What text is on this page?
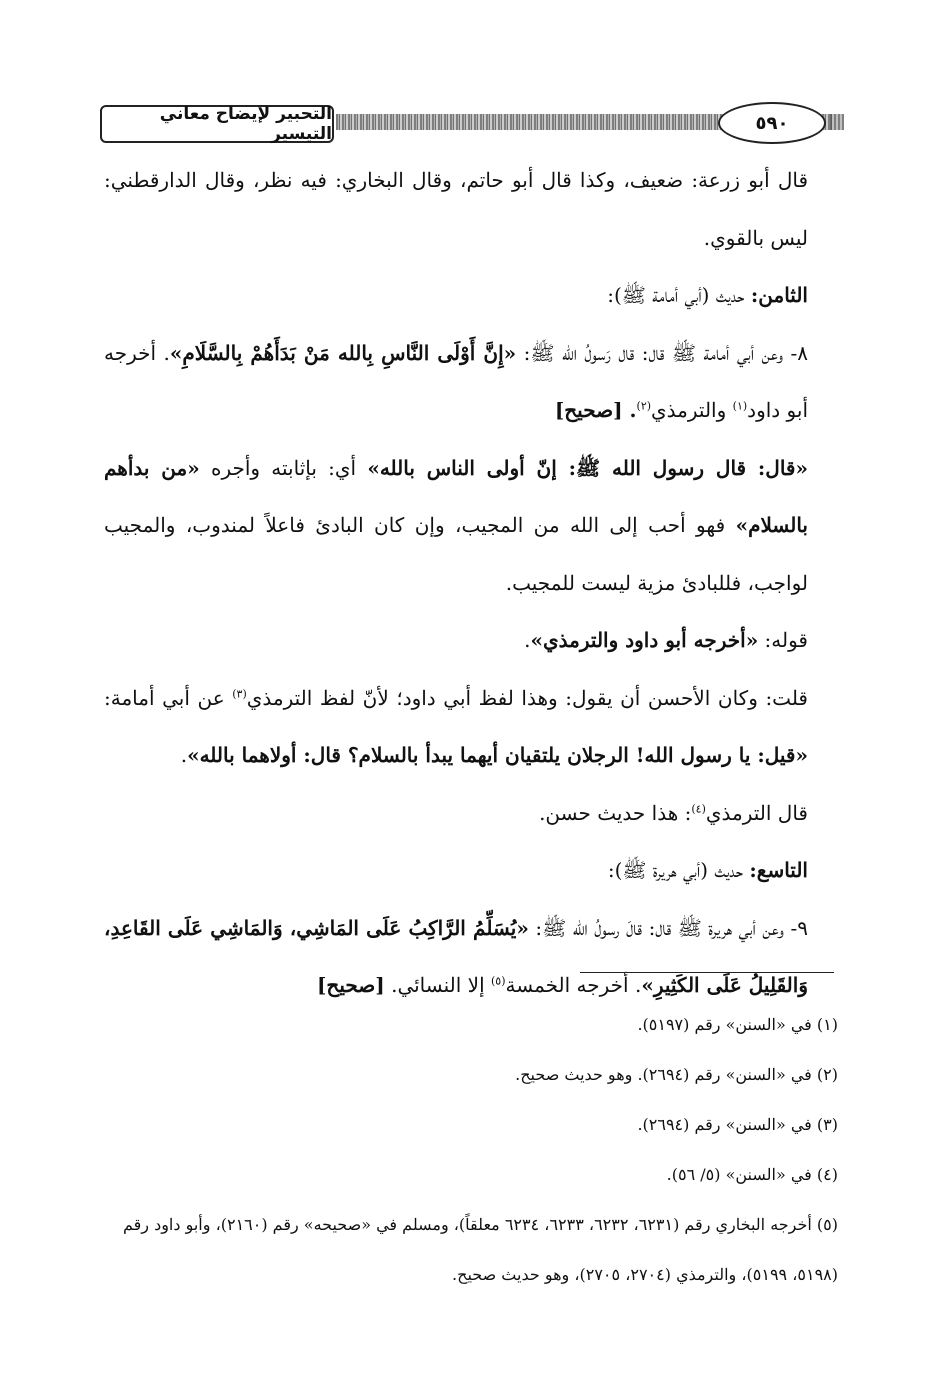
التحبير لإيضاح معاني التيسير
٥٩٠

قال أبو زرعة: ضعيف، وكذا قال أبو حاتم، وقال البخاري: فيه نظر، وقال الدارقطني: ليس بالقوي.

الثامن: حديث (أبي أمامة ﷺ):

٨- وعن أبي أمامة ﷺ قال: قال رَسولُ الله ﷺ: «إِنَّ أَوْلَى النَّاسِ بِالله مَنْ بَدَأَهُمْ بِالسَّلَامِ». أخرجه أبو داود$^{(١)}$ والترمذي$^{(٢)}$. [صحيح]

«قال: قال رسول الله ﷺ: إنّ أولى الناس بالله» أي: بإثابته وأجره «من بدأهم بالسلام» فهو أحب إلى الله من المجيب، وإن كان البادئ فاعلاً لمندوب، والمجيب لواجب، فللبادئ مزية ليست للمجيب.

قوله: «أخرجه أبو داود والترمذي».

قلت: وكان الأحسن أن يقول: وهذا لفظ أبي داود؛ لأنّ لفظ الترمذي$^{(٣)}$ عن أبي أمامة: «قيل: يا رسول الله! الرجلان يلتقيان أيهما يبدأ بالسلام؟ قال: أولاهما بالله».

قال الترمذي$^{(٤)}$: هذا حديث حسن.

التاسع: حديث (أبي هريرة ﷺ):

٩- وعن أبي هريرة ﷺ قال: قالَ رسولُ الله ﷺ: «يُسَلِّمُ الرَّاكِبُ عَلَى المَاشِي، وَالمَاشِي عَلَى القَاعِدِ، وَالقَلِيلُ عَلَى الكَثِيرِ». أخرجه الخمسة$^{(٥)}$ إلا النسائي. [صحيح]

(١) في «السنن» رقم (٥١٩٧).

(٢) في «السنن» رقم (٢٦٩٤). وهو حديث صحيح.

(٣) في «السنن» رقم (٢٦٩٤).

(٤) في «السنن» (٥/ ٥٦).

(٥) أخرجه البخاري رقم (٦٢٣١، ٦٢٣٢، ٦٢٣٣، ٦٢٣٤ معلقاً)، ومسلم في «صحيحه» رقم (٢١٦٠)، وأبو داود رقم (٥١٩٨، ٥١٩٩)، والترمذي (٢٧٠٤، ٢٧٠٥)، وهو حديث صحيح.
